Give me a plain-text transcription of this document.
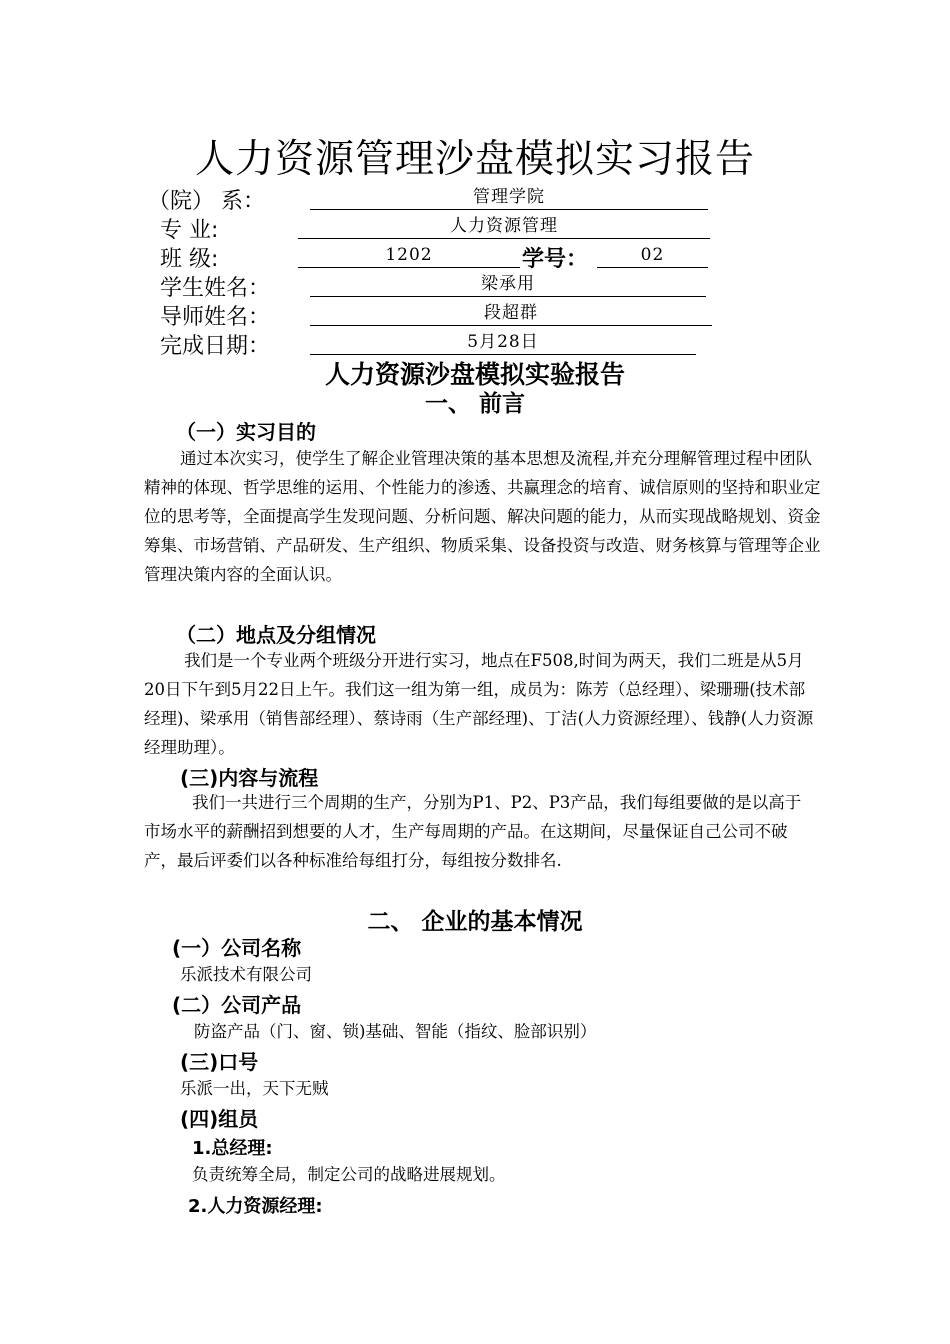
人力资源管理沙盘模拟实习报告
（院） 系：	管理学院
专 业:	人力资源管理
班 级:	1202	学号：	02
学生姓名：	梁承用
导师姓名：	段超群
完成日期：	5月28日
人力资源沙盘模拟实验报告
一、 前言
（一）实习目的
通过本次实习，使学生了解企业管理决策的基本思想及流程,并充分理解管理过程中团队精神的体现、哲学思维的运用、个性能力的渗透、共赢理念的培育、诚信原则的坚持和职业定位的思考等，全面提高学生发现问题、分析问题、解决问题的能力，从而实现战略规划、资金筹集、市场营销、产品研发、生产组织、物质采集、设备投资与改造、财务核算与管理等企业管理决策内容的全面认识。
（二）地点及分组情况
我们是一个专业两个班级分开进行实习，地点在F508,时间为两天，我们二班是从5月20日下午到5月22日上午。我们这一组为第一组，成员为：陈芳（总经理）、梁珊珊(技术部经理)、梁承用（销售部经理）、蔡诗雨（生产部经理)、丁洁(人力资源经理）、钱静(人力资源经理助理）。
(三)内容与流程
我们一共进行三个周期的生产，分别为P1、P2、P3产品，我们每组要做的是以高于市场水平的薪酬招到想要的人才，生产每周期的产品。在这期间，尽量保证自己公司不破产，最后评委们以各种标准给每组打分，每组按分数排名.
二、 企业的基本情况
(一）公司名称
乐派技术有限公司
(二）公司产品
防盗产品（门、窗、锁)基础、智能（指纹、脸部识别）
(三)口号
乐派一出，天下无贼
(四)组员
1.总经理:
负责统筹全局，制定公司的战略进展规划。
2.人力资源经理:
